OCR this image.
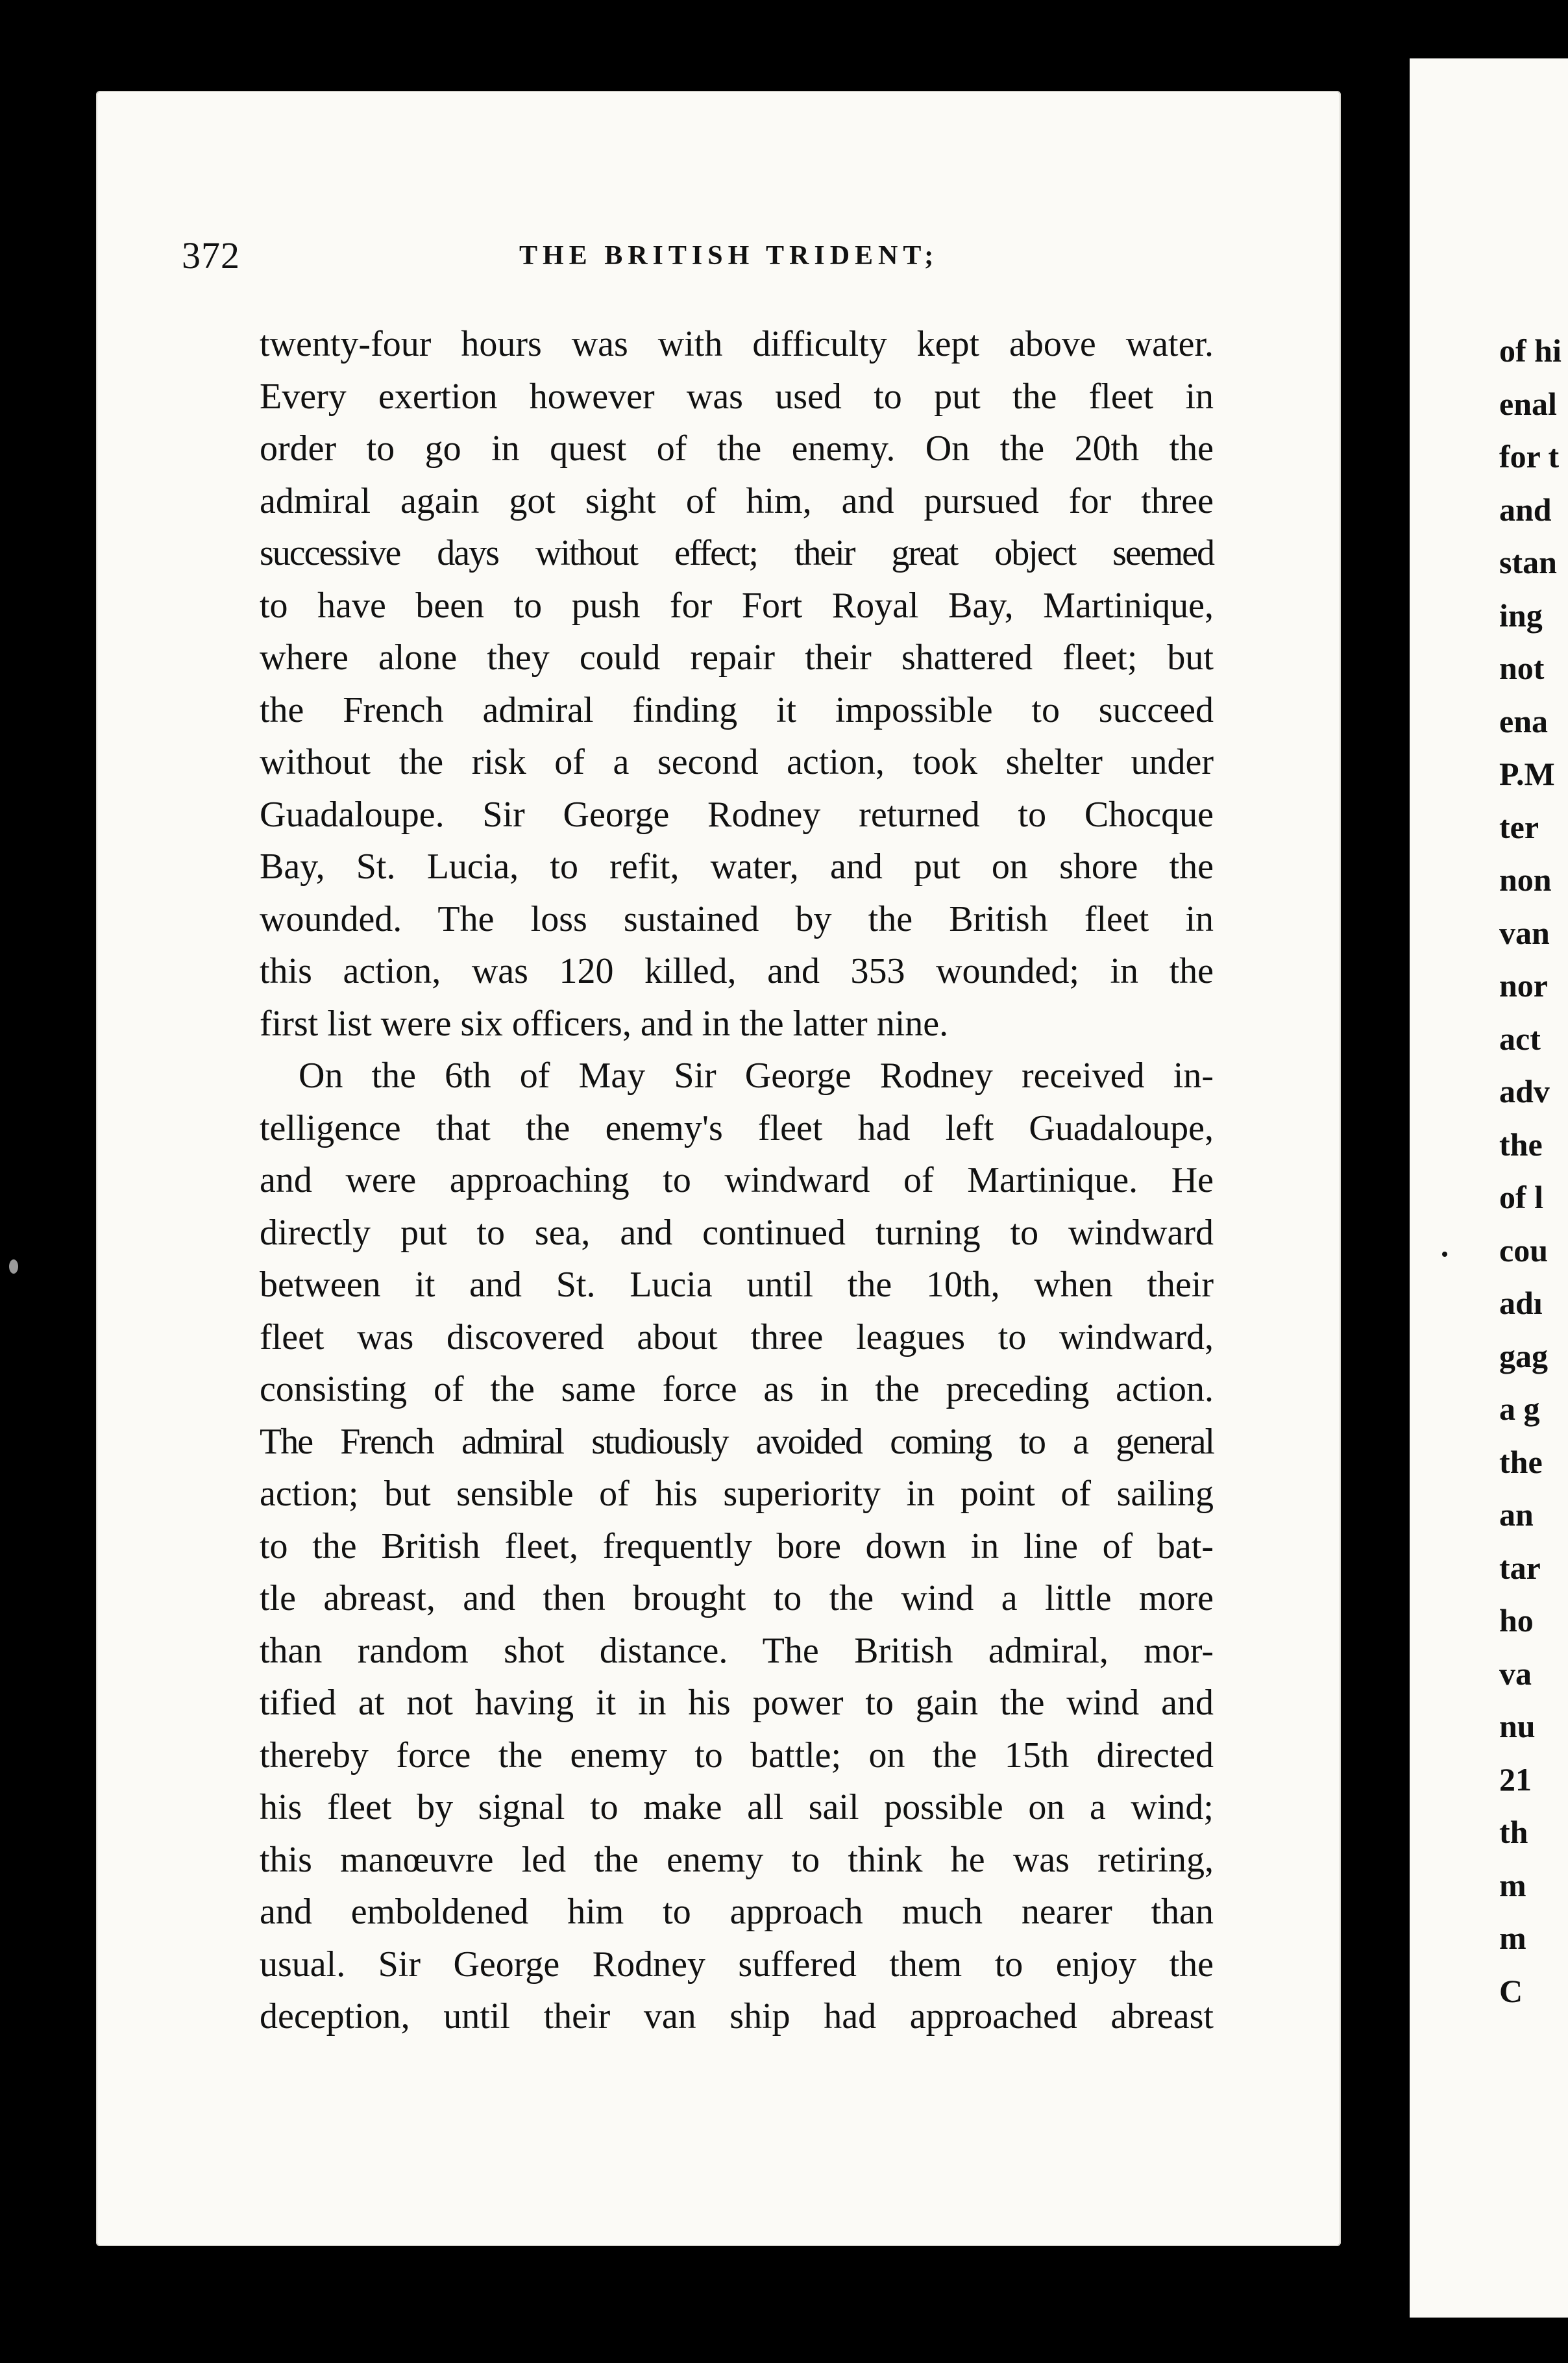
372	THE BRITISH TRIDENT;
twenty-four hours was with difficulty kept above water.
Every exertion however was used to put the fleet in
order to go in quest of the enemy. On the 20th the
admiral again got sight of him, and pursued for three
successive days without effect; their great object seemed
to have been to push for Fort Royal Bay, Martinique,
where alone they could repair their shattered fleet; but
the French admiral finding it impossible to succeed
without the risk of a second action, took shelter under
Guadaloupe. Sir George Rodney returned to Chocque
Bay, St. Lucia, to refit, water, and put on shore the
wounded. The loss sustained by the British fleet in
this action, was 120 killed, and 353 wounded; in the
first list were six officers, and in the latter nine.
On the 6th of May Sir George Rodney received in-
telligence that the enemy's fleet had left Guadaloupe,
and were approaching to windward of Martinique. He
directly put to sea, and continued turning to windward
between it and St. Lucia until the 10th, when their
fleet was discovered about three leagues to windward,
consisting of the same force as in the preceding action.
The French admiral studiously avoided coming to a general
action; but sensible of his superiority in point of sailing
to the British fleet, frequently bore down in line of bat-
tle abreast, and then brought to the wind a little more
than random shot distance. The British admiral, mor-
tified at not having it in his power to gain the wind and
thereby force the enemy to battle; on the 15th directed
his fleet by signal to make all sail possible on a wind;
this manœuvre led the enemy to think he was retiring,
and emboldened him to approach much nearer than
usual. Sir George Rodney suffered them to enjoy the
deception, until their van ship had approached abreast
of hi
enal
for t
and
stan
ing
not
ena
P.M
ter
non
van
nor
act
adv
the
of l
cou
adı
gag
a g
the
an
tar
ho
va
nu
21
th
m
m
C
